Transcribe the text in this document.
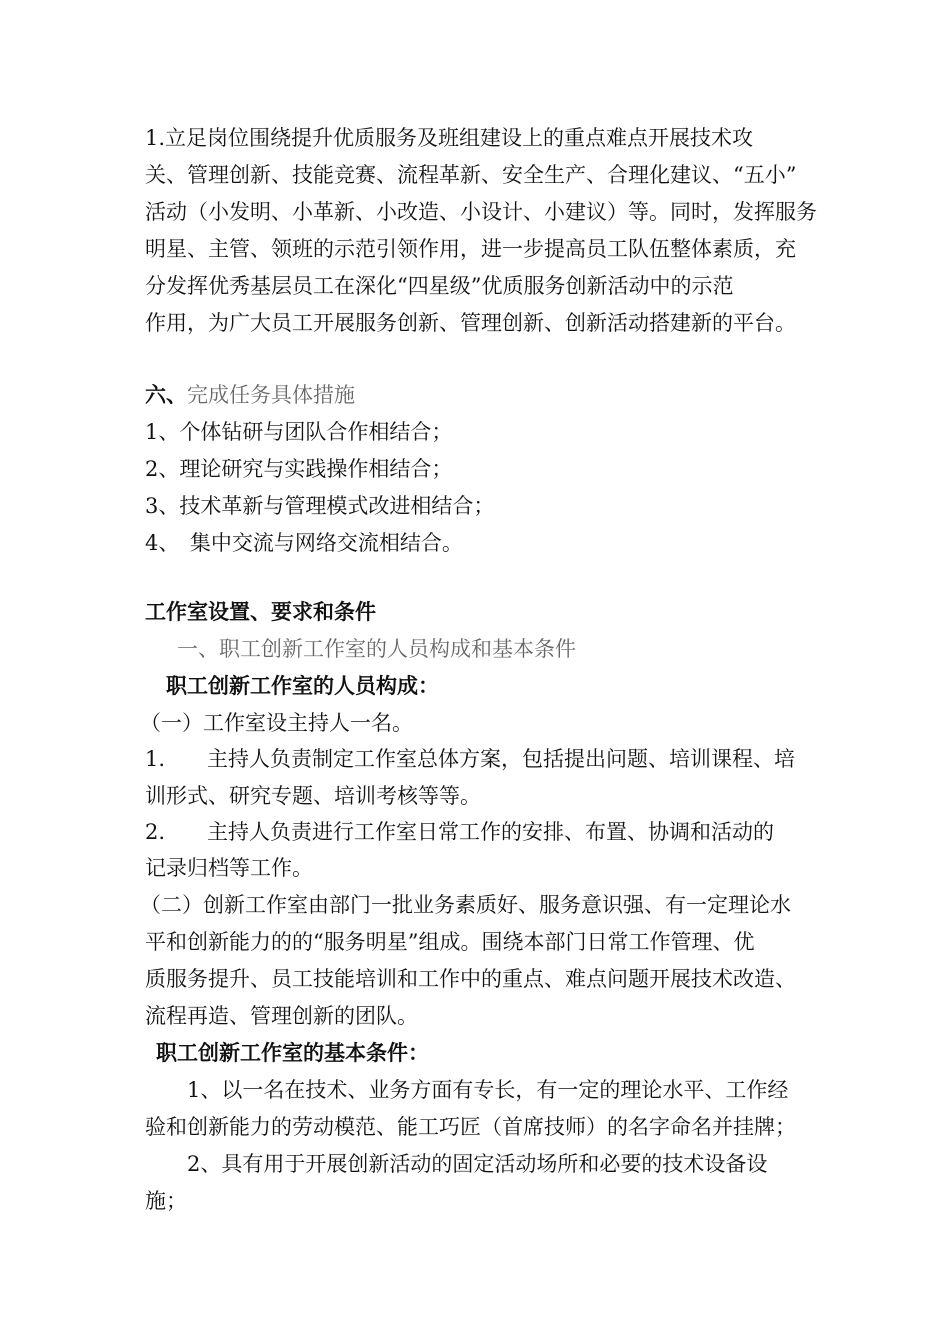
1.立足岗位围绕提升优质服务及班组建设上的重点难点开展技术攻
关、管理创新、技能竞赛、流程革新、安全生产、合理化建议、“五小”
活动（小发明、小革新、小改造、小设计、小建议）等。同时，发挥服务
明星、主管、领班的示范引领作用，进一步提高员工队伍整体素质，充
分发挥优秀基层员工在深化“四星级”优质服务创新活动中的示范
作用，为广大员工开展服务创新、管理创新、创新活动搭建新的平台。
六、完成任务具体措施
1、个体钻研与团队合作相结合；
2、理论研究与实践操作相结合；
3、技术革新与管理模式改进相结合；
4、　集中交流与网络交流相结合。
工作室设置、要求和条件
一、职工创新工作室的人员构成和基本条件
职工创新工作室的人员构成：
（一）工作室设主持人一名。
1.　　主持人负责制定工作室总体方案，包括提出问题、培训课程、培
训形式、研究专题、培训考核等等。
2.　　主持人负责进行工作室日常工作的安排、布置、协调和活动的
记录归档等工作。
（二）创新工作室由部门一批业务素质好、服务意识强、有一定理论水
平和创新能力的的“服务明星”组成。围绕本部门日常工作管理、优
质服务提升、员工技能培训和工作中的重点、难点问题开展技术改造、
流程再造、管理创新的团队。
职工创新工作室的基本条件：
1、以一名在技术、业务方面有专长，有一定的理论水平、工作经
验和创新能力的劳动模范、能工巧匠（首席技师）的名字命名并挂牌；
2、具有用于开展创新活动的固定活动场所和必要的技术设备设
施；
